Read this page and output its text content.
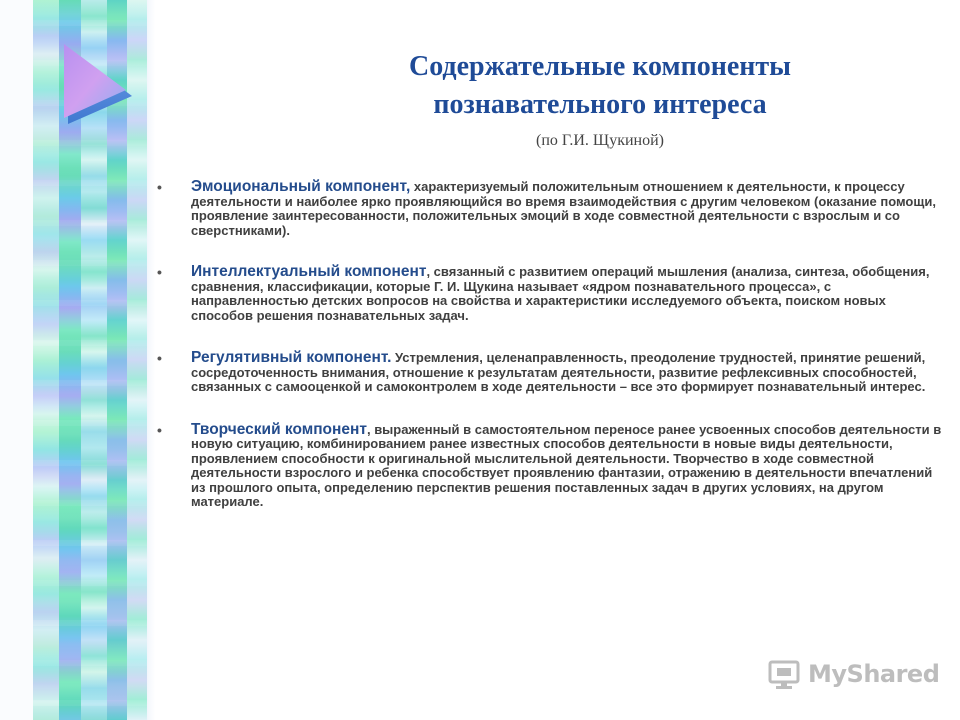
Содержательные компоненты
познавательного интереса
(по Г.И. Щукиной)
• Эмоциональный компонент, характеризуемый положительным отношением к деятельности, к процессу деятельности и наиболее ярко проявляющийся во время взаимодействия с другим человеком (оказание помощи, проявление заинтересованности, положительных эмоций в ходе совместной деятельности с взрослым и со сверстниками).
• Интеллектуальный компонент, связанный с развитием операций мышления (анализа, синтеза, обобщения, сравнения, классификации, которые Г. И. Щукина называет «ядром познавательного процесса», с направленностью детских вопросов на свойства и характеристики исследуемого объекта, поиском новых способов решения познавательных задач.
• Регулятивный компонент. Устремления, целенаправленность, преодоление трудностей, принятие решений, сосредоточенность внимания, отношение к результатам деятельности, развитие рефлексивных способностей, связанных с самооценкой и самоконтролем в ходе деятельности – все это формирует познавательный интерес.
• Творческий компонент, выраженный в самостоятельном переносе ранее усвоенных способов деятельности в новую ситуацию, комбинированием ранее известных способов деятельности в новые виды деятельности, проявлением способности к оригинальной мыслительной деятельности. Творчество в ходе совместной деятельности взрослого и ребенка способствует проявлению фантазии, отражению в деятельности впечатлений из прошлого опыта, определению перспектив решения поставленных задач в других условиях, на другом материале.
MyShared
